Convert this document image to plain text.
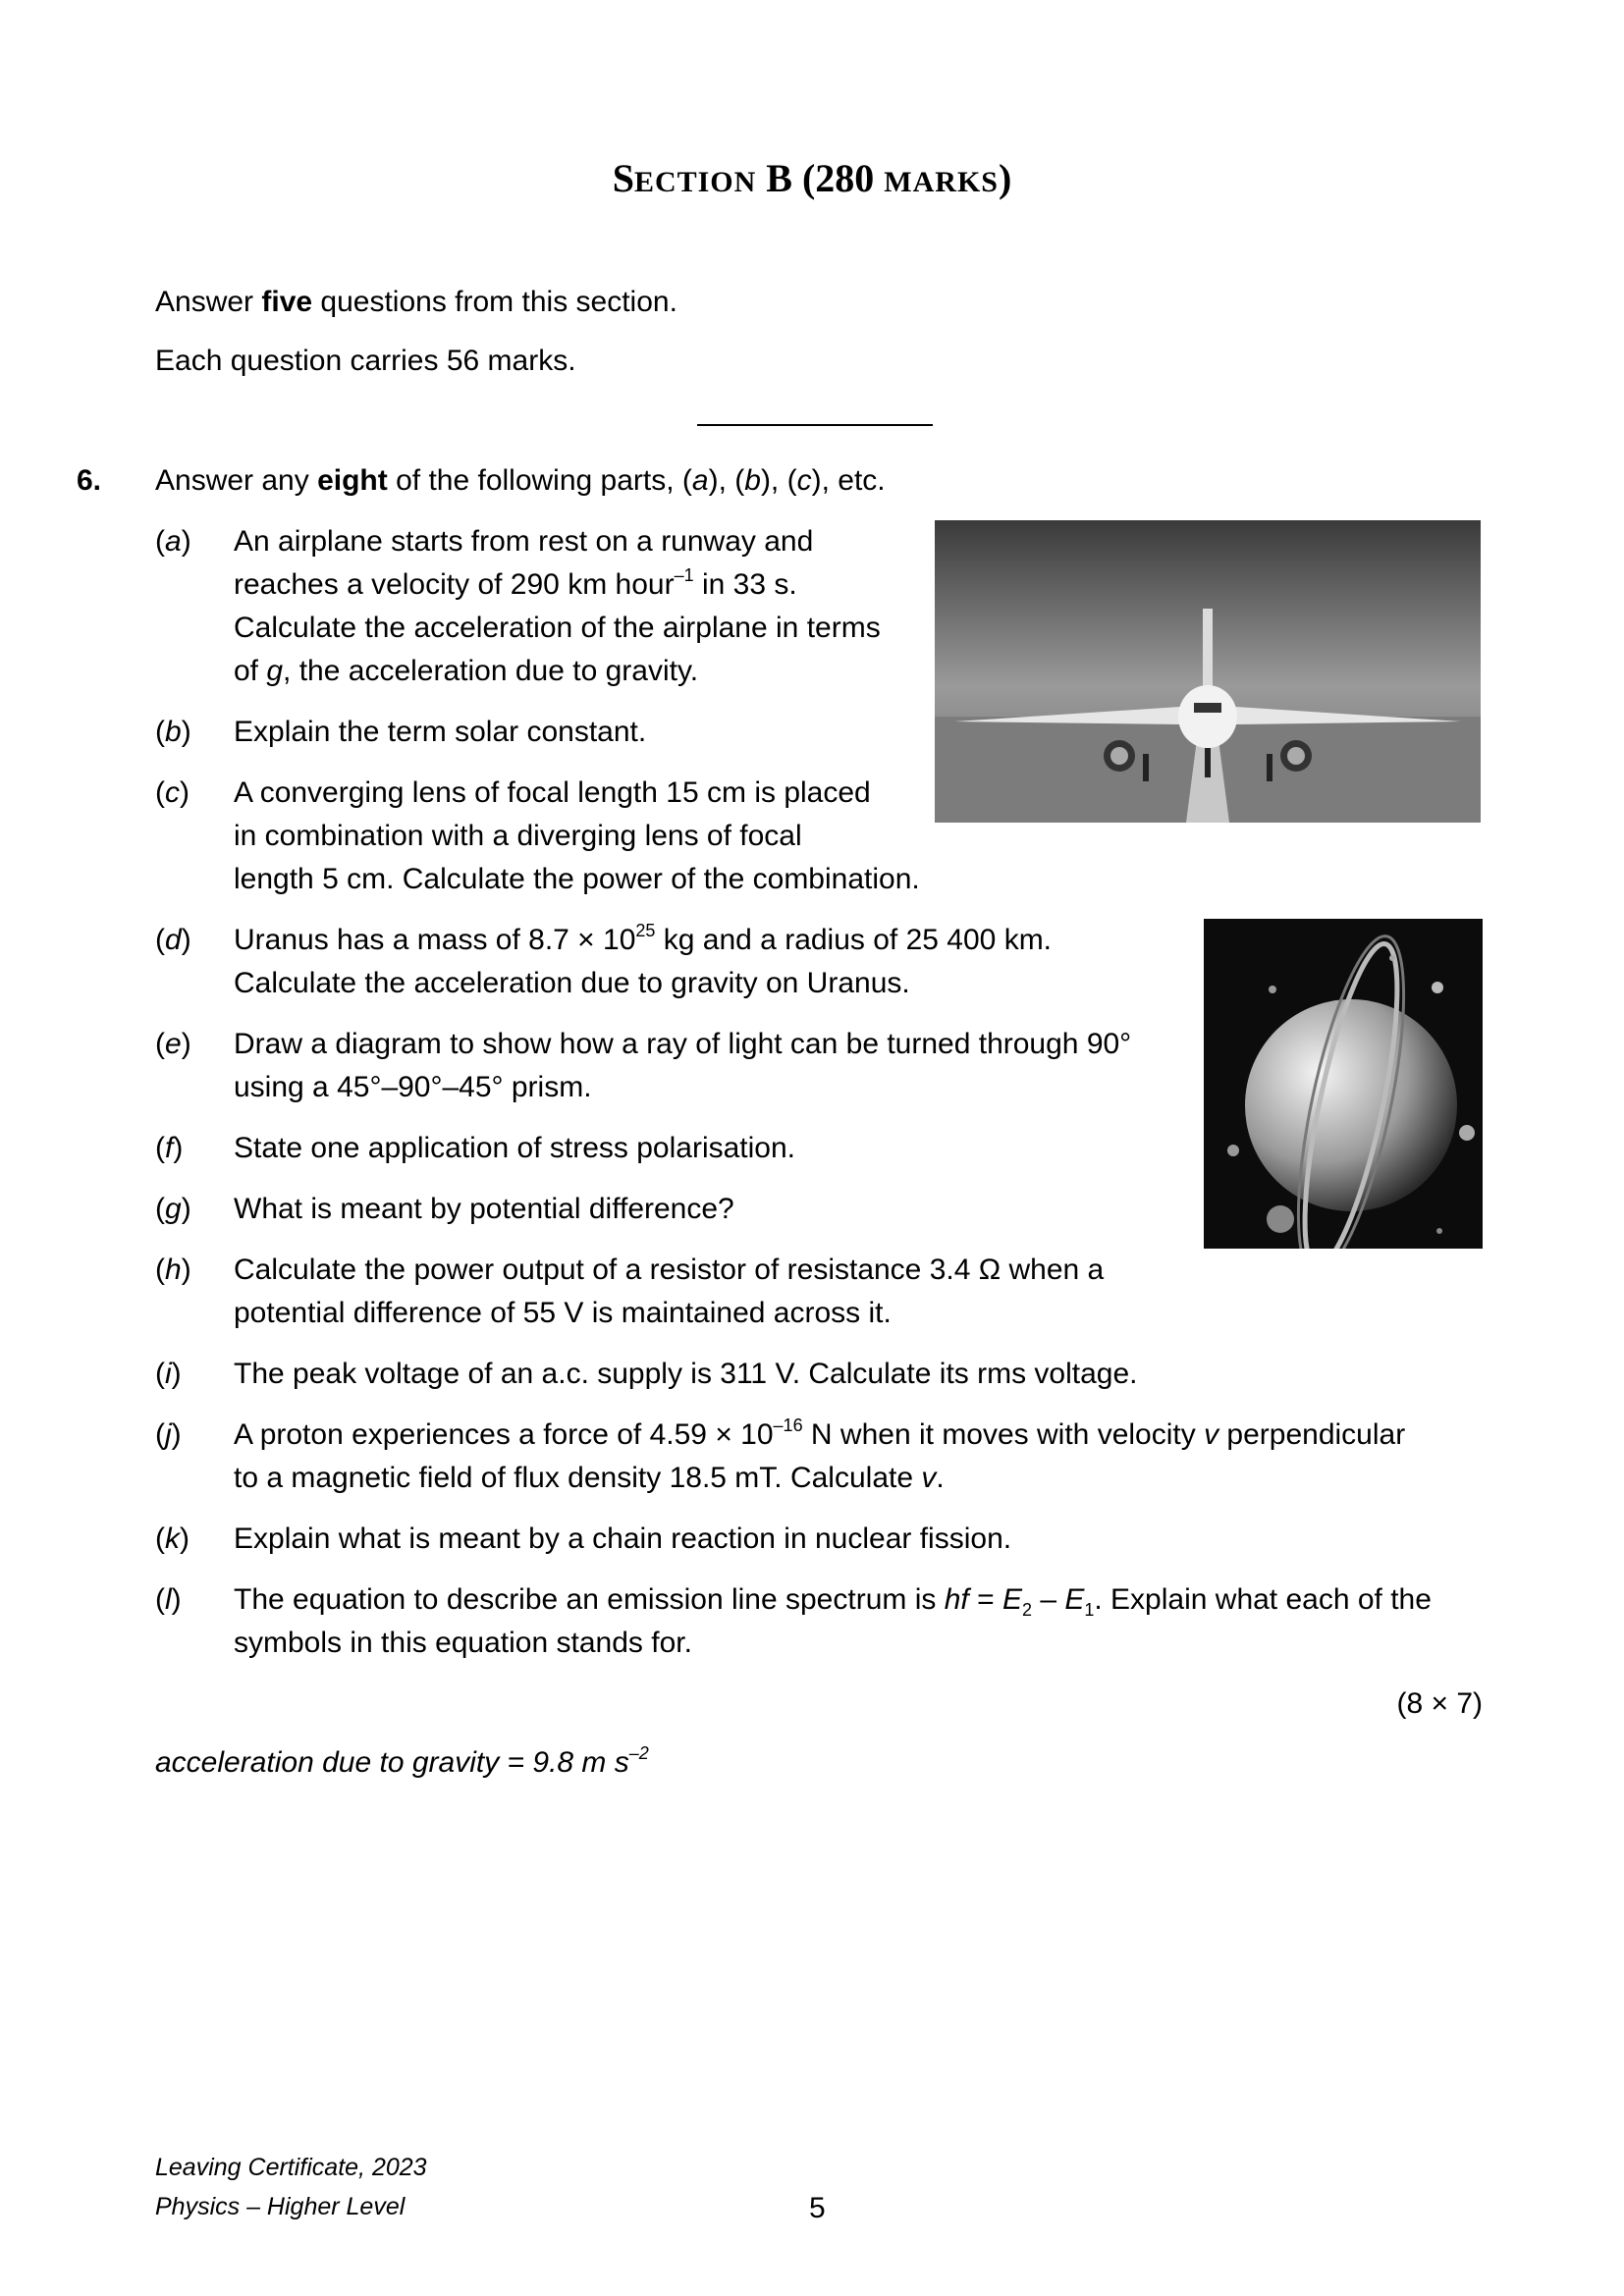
SECTION B (280 MARKS)
Answer five questions from this section.
Each question carries 56 marks.
6. Answer any eight of the following parts, (a), (b), (c), etc.
(a) An airplane starts from rest on a runway and
reaches a velocity of 290 km hour$^{-1}$ in 33 s.
Calculate the acceleration of the airplane in terms
of g, the acceleration due to gravity.
(b) Explain the term solar constant.
(c) A converging lens of focal length 15 cm is placed
in combination with a diverging lens of focal
length 5 cm. Calculate the power of the combination.
(d) Uranus has a mass of $8.7 \times 10^{25}$ kg and a radius of 25 400 km.
Calculate the acceleration due to gravity on Uranus.
(e) Draw a diagram to show how a ray of light can be turned through 90°
using a 45°–90°–45° prism.
(f) State one application of stress polarisation.
(g) What is meant by potential difference?
(h) Calculate the power output of a resistor of resistance 3.4 Ω when a
potential difference of 55 V is maintained across it.
(i) The peak voltage of an a.c. supply is 311 V. Calculate its rms voltage.
(j) A proton experiences a force of $4.59 \times 10^{-16}$ N when it moves with velocity v perpendicular
to a magnetic field of flux density 18.5 mT. Calculate v.
(k) Explain what is meant by a chain reaction in nuclear fission.
(l) The equation to describe an emission line spectrum is hf = $E_2 - E_1$. Explain what each of the
symbols in this equation stands for.
(8 × 7)
acceleration due to gravity = 9.8 m $s^{-2}$
Leaving Certificate, 2023
Physics – Higher Level	5
